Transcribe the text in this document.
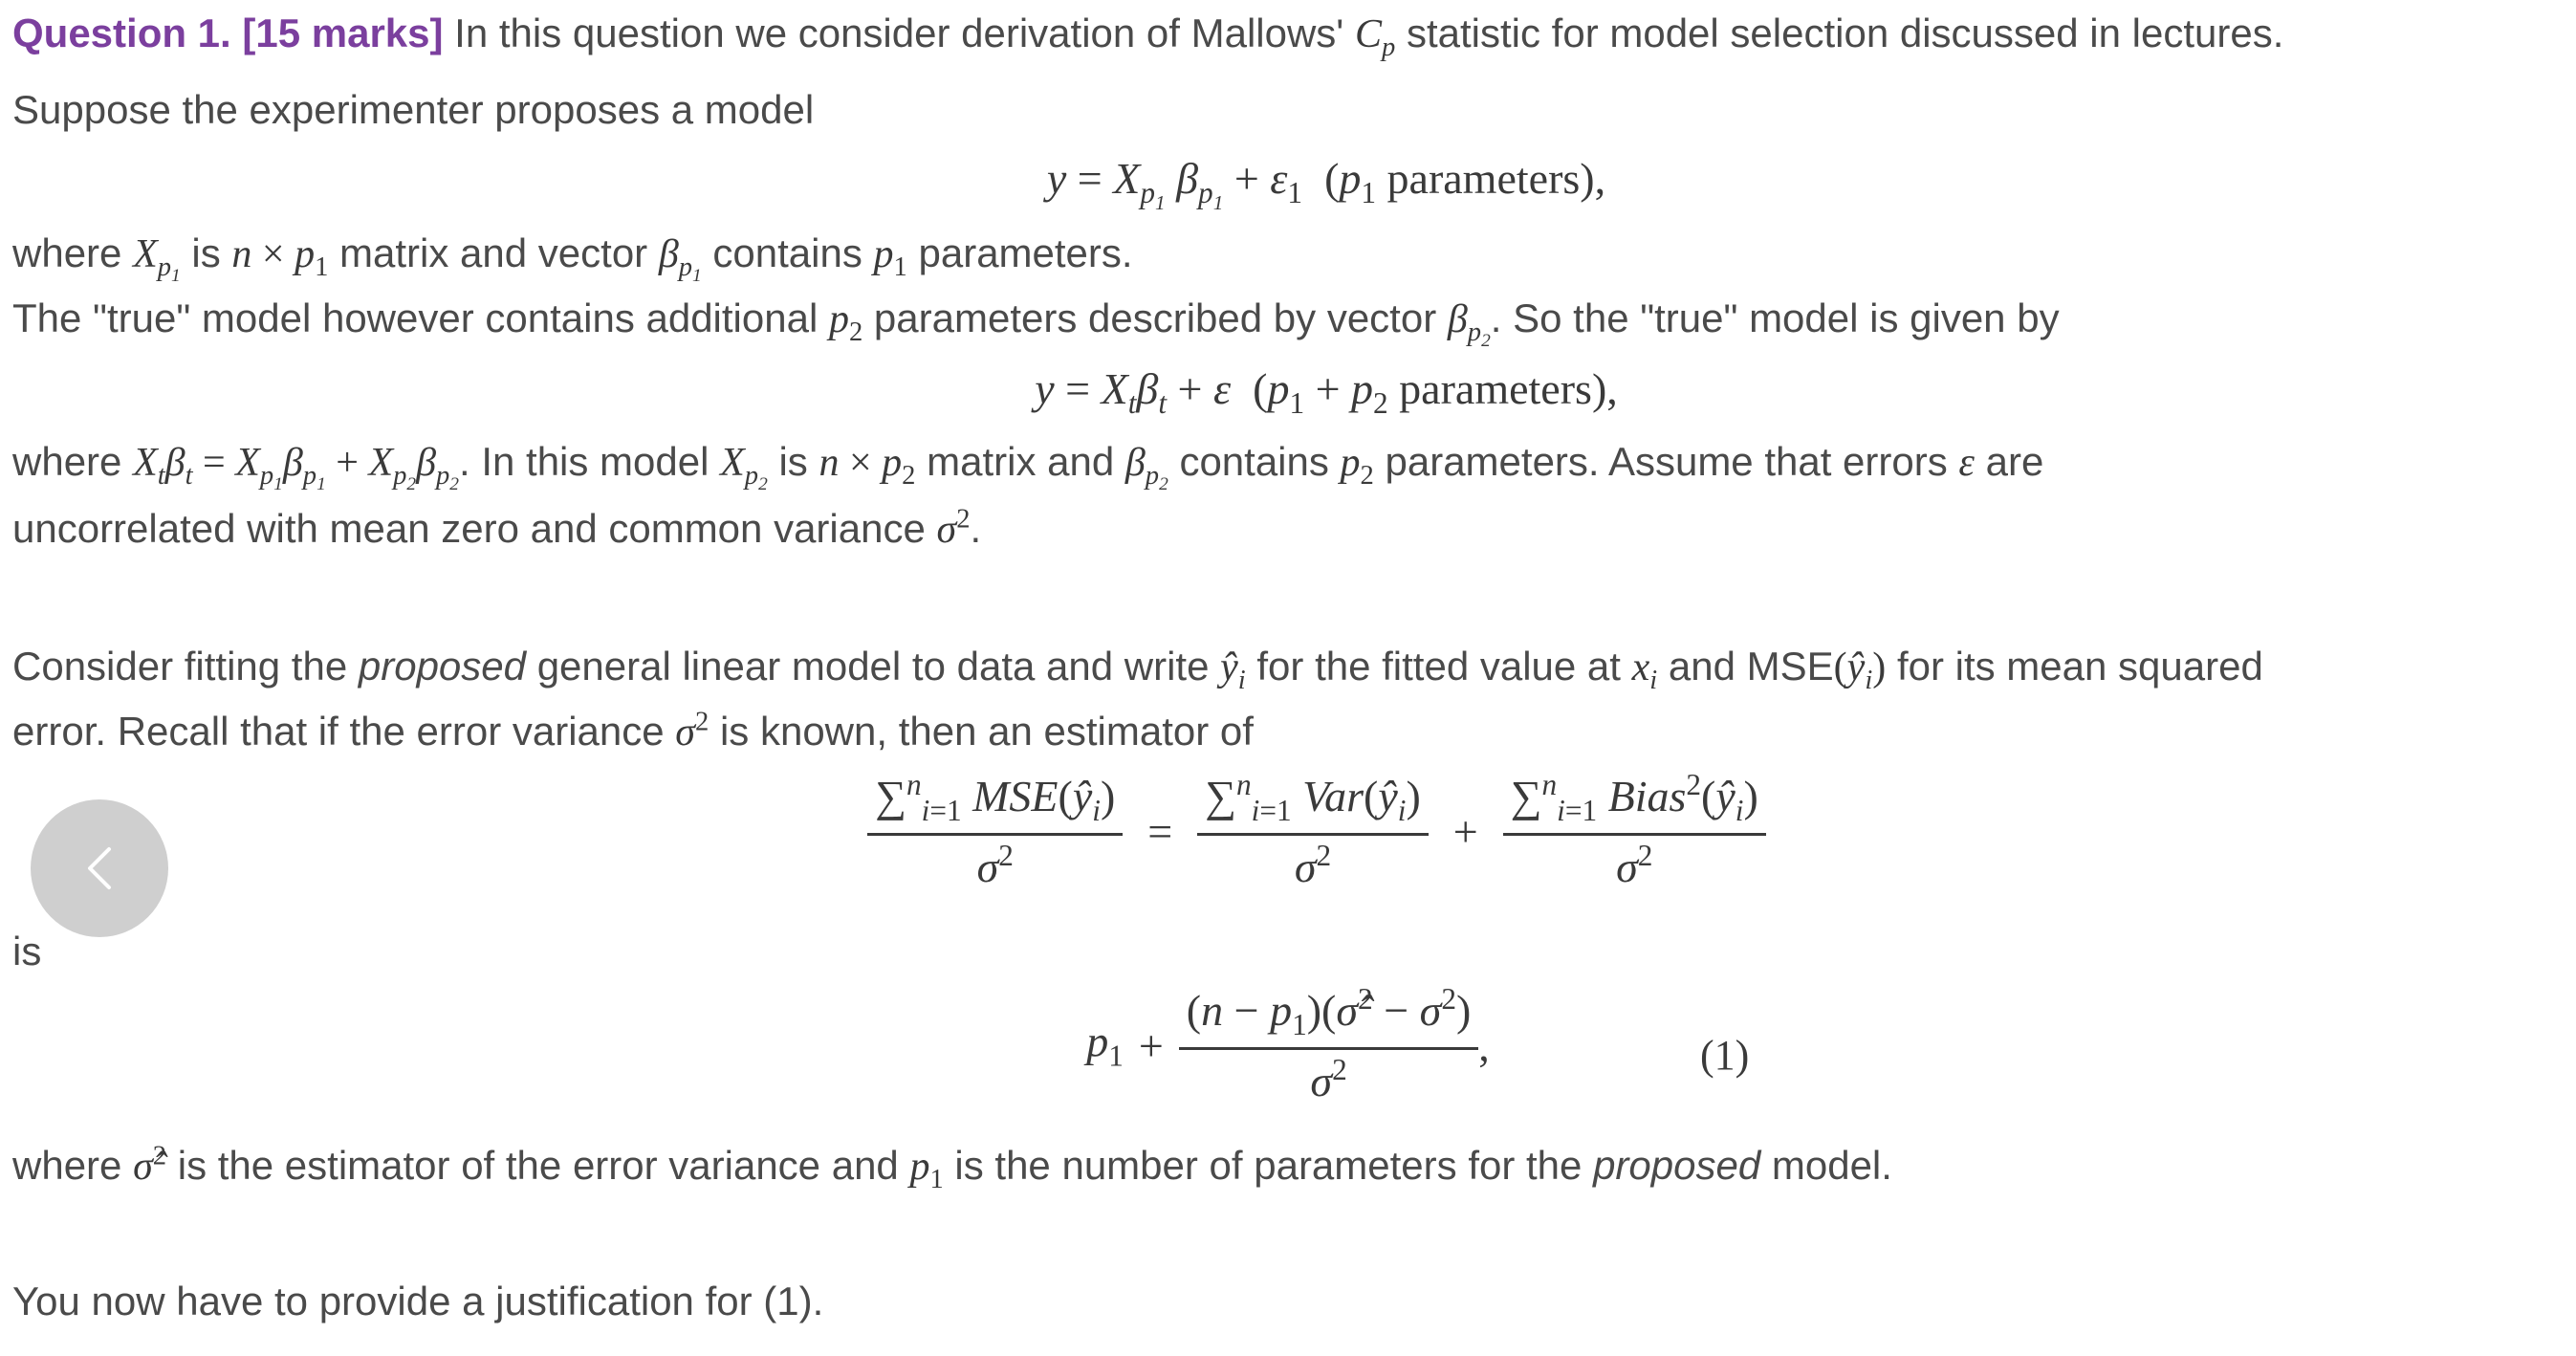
Question 1. [15 marks] In this question we consider derivation of Mallows' $C_p$ statistic for model selection discussed in lectures.
Suppose the experimenter proposes a model
$y = X_{p_1}$ $\beta_{p_1} + \varepsilon_1$ ($p_1$ parameters),
where $X_{p_1}$ is $n \times p_1$ matrix and vector $\beta_{p_1}$ contains $p_1$ parameters.
The "true" model however contains additional $p_2$ parameters described by vector $\beta_{p_2}$. So the "true" model is given by
$y = X_t\beta_t + \varepsilon$  ($p_1 + p_2$ parameters),
where $X_t\beta_t = X_{p_1}\beta_{p_1} + X_{p_2}\beta_{p_2}$. In this model $X_{p_2}$ is $n \times p_2$ matrix and $\beta_{p_2}$ contains $p_2$ parameters. Assume that errors ε are
uncorrelated with mean zero and common variance $\sigma^2$.
Consider fitting the proposed general linear model to data and write $ŷ_i$ for the fitted value at $x_i$ and $MSE(ŷ_i)$ for its mean squared
error. Recall that if the error variance $\sigma^2$ is known, then an estimator of
$\frac{\sum^n_{i=1} MSE(ŷ_i)}{\sigma^2} = \frac{\sum^n_{i=1} Var(ŷ_i)}{\sigma^2} + \frac{\sum^n_{i=1} Bias^2(ŷ_i)}{\sigma^2}$
is
$p_1 + \frac{(n - p_1)(\sigmâ^2 - \sigma^2)}{\sigma^2}$ ,	(1)
where σ̂$^2$ is the estimator of the error variance and $p_1$ is the number of parameters for the proposed model.
You now have to provide a justification for (1).
